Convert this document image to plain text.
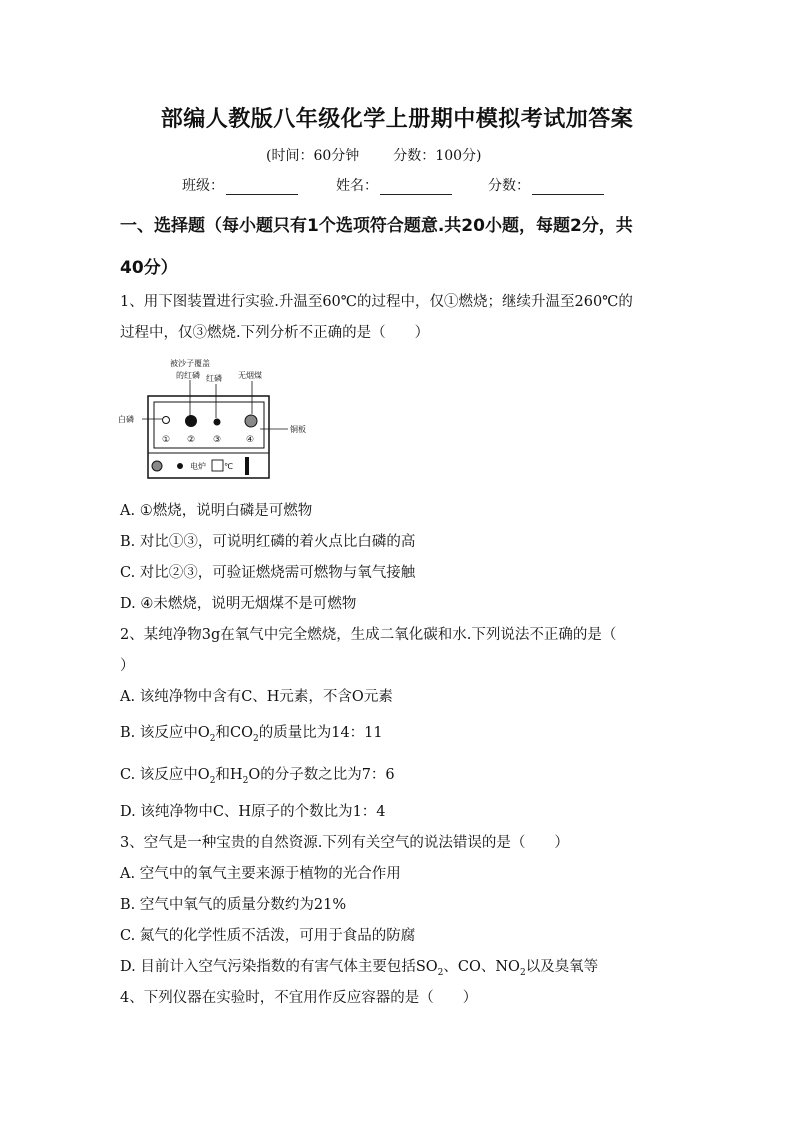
部编人教版八年级化学上册期中模拟考试加答案
(时间：60分钟 分数：100分)
班级：	姓名：	分数：
一、选择题（每小题只有1个选项符合题意.共20小题，每题2分，共
40分）
1、用下图装置进行实验.升温至60℃的过程中，仅①燃烧；继续升温至260℃的
过程中，仅③燃烧.下列分析不正确的是（　　）
被沙子覆盖
的红磷 红磷 无烟煤
白磷
铜板
① ② ③	④
电炉 ℃
A. ①燃烧，说明白磷是可燃物
B. 对比①③，可说明红磷的着火点比白磷的高
C. 对比②③，可验证燃烧需可燃物与氧气接触
D. ④未燃烧，说明无烟煤不是可燃物
2、某纯净物3g在氧气中完全燃烧，生成二氧化碳和水.下列说法不正确的是（
）
A. 该纯净物中含有C、H元素，不含O元素
B. 该反应中$O_2$和$CO_2$的质量比为14：11
C. 该反应中$O_2$和$H_2O$的分子数之比为7：6
D. 该纯净物中C、H原子的个数比为1：4
3、空气是一种宝贵的自然资源.下列有关空气的说法错误的是（　　）
A. 空气中的氧气主要来源于植物的光合作用
B. 空气中氧气的质量分数约为21%
C. 氮气的化学性质不活泼，可用于食品的防腐
D. 目前计入空气污染指数的有害气体主要包括$SO_2$、CO、$NO_2$以及臭氧等
4、下列仪器在实验时，不宜用作反应容器的是（　　）
